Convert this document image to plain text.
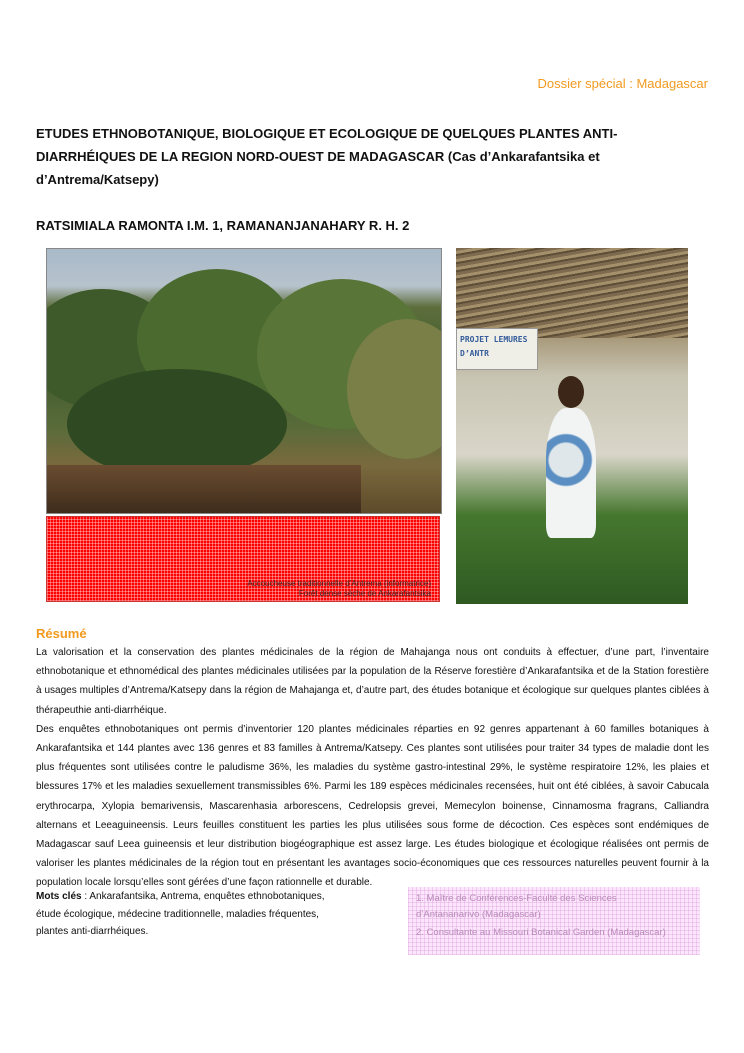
Dossier spécial : Madagascar
ETUDES ETHNOBOTANIQUE, BIOLOGIQUE ET ECOLOGIQUE DE QUELQUES PLANTES ANTI-
DIARRHÉIQUES DE LA REGION NORD-OUEST DE MADAGASCAR (Cas d’Ankarafantsika et
d’Antrema/Katsepy)
RATSIMIALA RAMONTA I.M. 1, RAMANANJANAHARY R. H. 2
PROJET LEMURES D’ANTR
Accoucheuse traditionnelle d’Antrema (informatrice)
Forêt dense sèche de Ankarafantsika
Résumé

La valorisation et la conservation des plantes médicinales de la région de Mahajanga nous ont conduits à effectuer, d’une part, l’inventaire ethnobotanique et ethnomédical des plantes médicinales utilisées par la population de la Réserve forestière d’Ankarafantsika et de la Station forestière à usages multiples d’Antrema/Katsepy dans la région de Mahajanga et, d’autre part, des études botanique et écologique sur quelques plantes ciblées à thérapeuthie anti-diarrhéique.

Des enquêtes ethnobotaniques ont permis d’inventorier 120 plantes médicinales réparties en 92 genres appartenant à 60 familles botaniques à Ankarafantsika et 144 plantes avec 136 genres et 83 familles à Antrema/Katsepy. Ces plantes sont utilisées pour traiter 34 types de maladie dont les plus fréquentes sont utilisées contre le paludisme 36%, les maladies du système gastro-intestinal 29%, le système respiratoire 12%, les plaies et blessures 17% et les maladies sexuellement transmissibles 6%. Parmi les 189 espèces médicinales recensées, huit ont été ciblées, à savoir Cabucala erythrocarpa, Xylopia bemarivensis, Mascarenhasia arborescens, Cedrelopsis grevei, Memecylon boinense, Cinnamosma fragrans, Calliandra alternans et Leeaguineensis. Leurs feuilles constituent les parties les plus utilisées sous forme de décoction. Ces espèces sont endémiques de Madagascar sauf Leea guineensis et leur distribution biogéographique est assez large. Les études biologique et écologique réalisées ont permis de valoriser les plantes médicinales de la région tout en présentant les avantages socio-économiques que ces ressources naturelles peuvent fournir à la population locale lorsqu’elles sont gérées d’une façon rationnelle et durable.

Mots clés : Ankarafantsika, Antrema, enquêtes ethnobotaniques, étude écologique, médecine traditionnelle, maladies fréquentes, plantes anti-diarrhéiques.
1. Maître de Conférences-Faculté des Sciences
d’Antananarivo (Madagascar)
2. Consultante au Missouri Botanical Garden (Madagascar)
